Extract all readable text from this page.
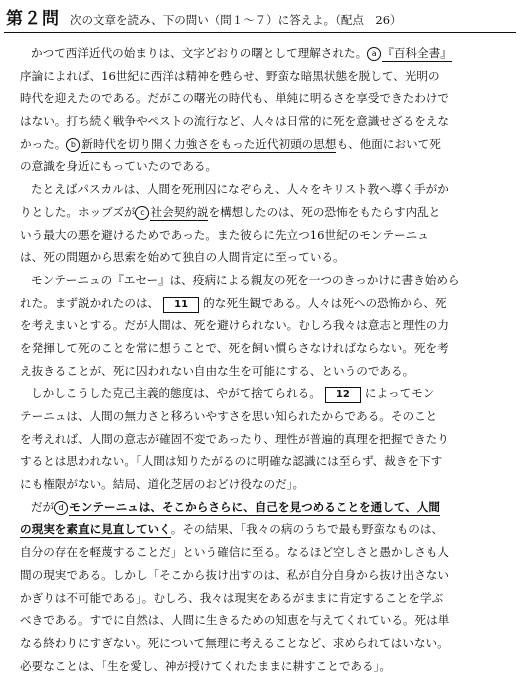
第２問 次の文章を読み、下の問い（問１～７）に答えよ。（配点　26）
かつて西洋近代の始まりは、文字どおりの曙として理解された。 a 『百科全書』
序論によれば、16世紀に西洋は精神を甦らせ、野蛮な暗黒状態を脱して、光明の
時代を迎えたのである。だがこの曙光の時代も、単純に明るさを享受できたわけで
はない。打ち続く戦争やペストの流行など、人々は日常的に死を意識せざるをえな
かった。 b 新時代を切り開く力強さをもった近代初頭の思想も、他面において死
の意識を身近にもっていたのである。
たとえばパスカルは、人間を死刑囚になぞらえ、人々をキリスト教へ導く手がか
りとした。ホッブズが c 社会契約説を構想したのは、死の恐怖をもたらす内乱と
いう最大の悪を避けるためであった。また彼らに先立つ16世紀のモンテーニュ
は、死の問題から思索を始めて独自の人間肯定に至っている。
モンテーニュの『エセー』は、疫病による親友の死を一つのきっかけに書き始めら
れた。まず説かれたのは、 11 的な死生観である。人々は死への恐怖から、死
を考えまいとする。だが人間は、死を避けられない。むしろ我々は意志と理性の力
を発揮して死のことを常に想うことで、死を飼い慣らさなければならない。死を考
え抜きることが、死に囚われない自由な生を可能にする、というのである。
しかしこうした克己主義的態度は、やがて捨てられる。 12 によってモン
テーニュは、人間の無力さと移ろいやすさを思い知られたからである。そのこと
を考えれば、人間の意志が確固不変であったり、理性が普遍的真理を把握できたり
するとは思われない。「人間は知りたがるのに明確な認識には至らず、裁きを下す
にも権限がない。結局、道化芝居のおどけ役なのだ」。
だが d モンテーニュは、そこからさらに、自己を見つめることを通して、人間
の現実を素直に見直していく。その結果、「我々の病のうちで最も野蛮なものは、
自分の存在を軽蔑することだ」という確信に至る。なるほど空しさと愚かしさも人
間の現実である。しかし「そこから抜け出すのは、私が自分自身から抜け出さない
かぎりは不可能である」。むしろ、我々は現実をあるがままに肯定することを学ぶ
べきである。すでに自然は、人間に生きるための知恵を与えてくれている。死は単
なる終わりにすぎない。死について無理に考えることなど、求められてはいない。
必要なことは、「生を愛し、神が授けてくれたままに耕すことである」。
